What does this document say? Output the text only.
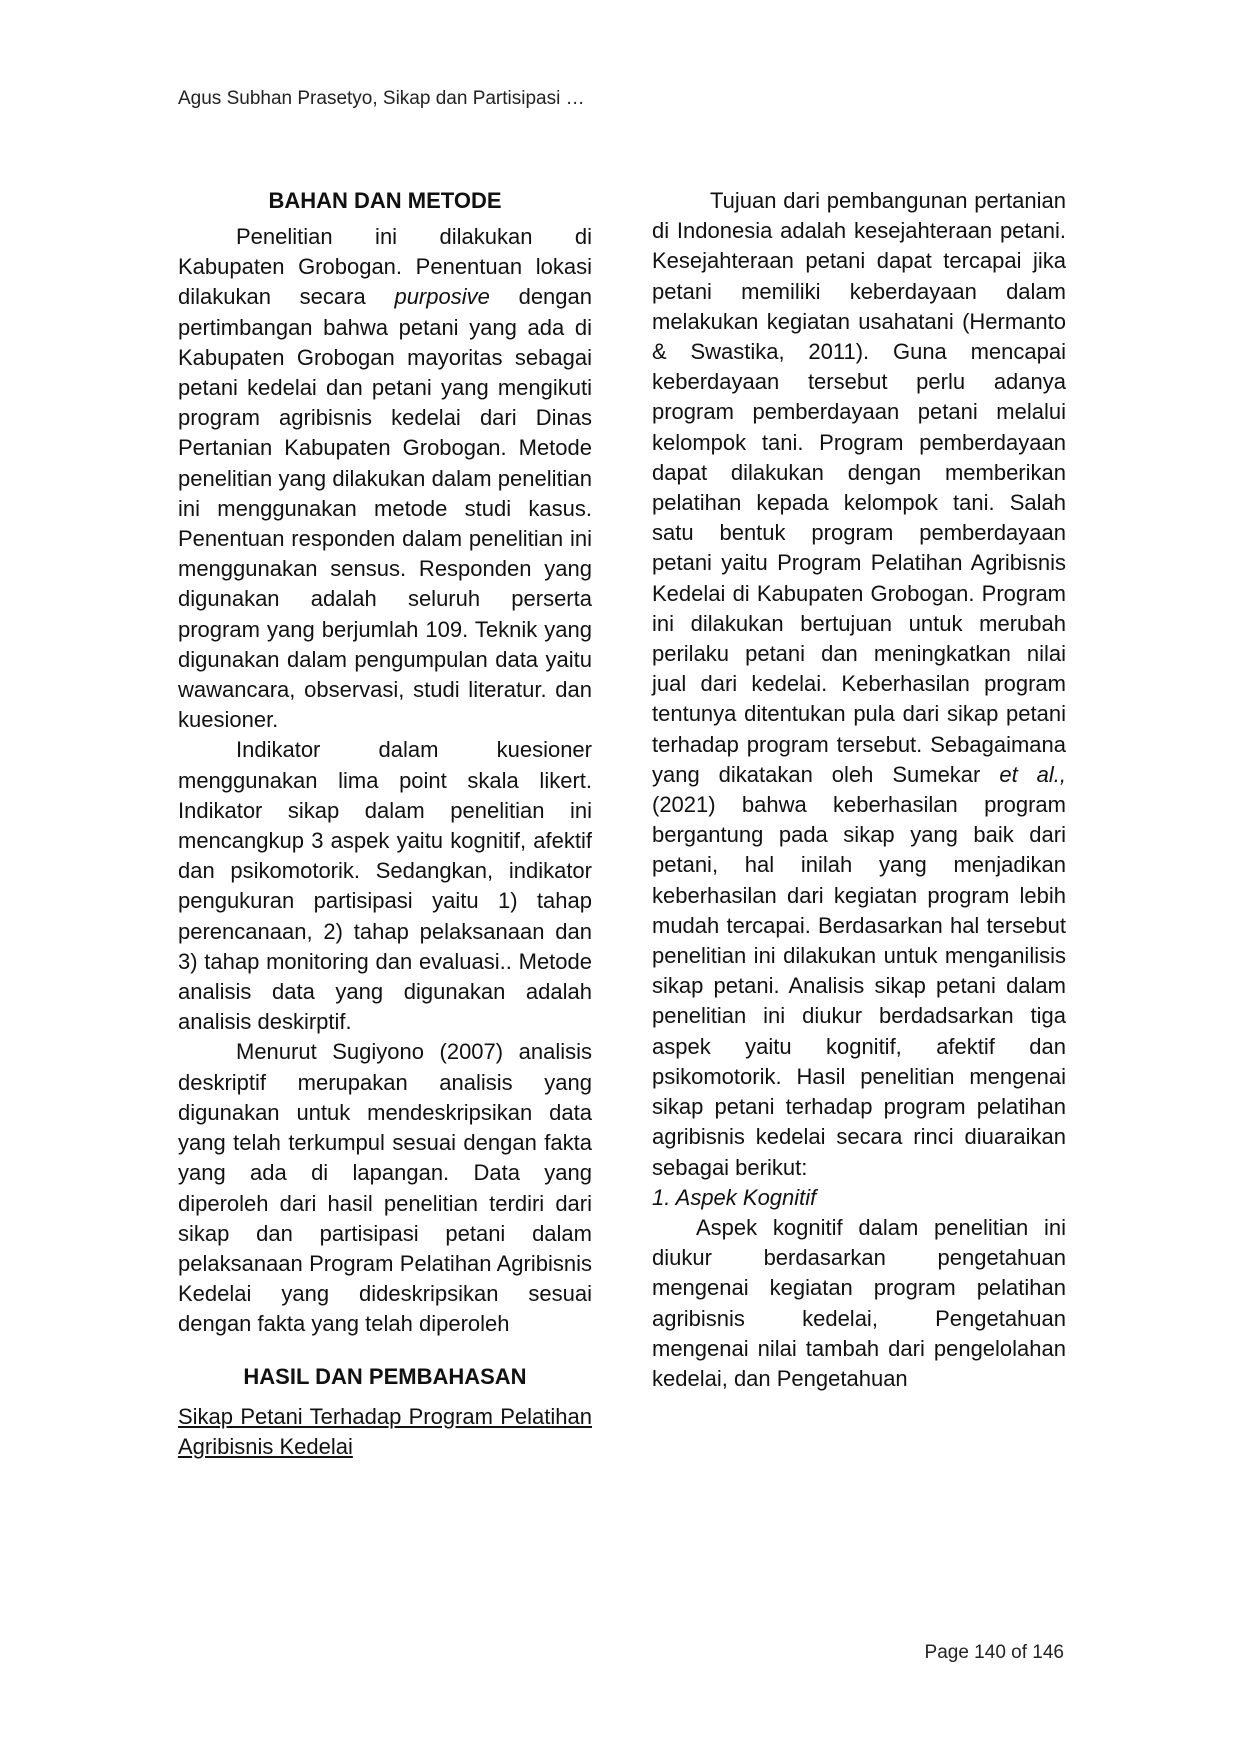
Agus Subhan Prasetyo, Sikap dan Partisipasi …
BAHAN DAN METODE

Penelitian ini dilakukan di Kabupaten Grobogan. Penentuan lokasi dilakukan secara purposive dengan pertimbangan bahwa petani yang ada di Kabupaten Grobogan mayoritas sebagai petani kedelai dan petani yang mengikuti program agribisnis kedelai dari Dinas Pertanian Kabupaten Grobogan. Metode penelitian yang dilakukan dalam penelitian ini menggunakan metode studi kasus. Penentuan responden dalam penelitian ini menggunakan sensus. Responden yang digunakan adalah seluruh perserta program yang berjumlah 109. Teknik yang digunakan dalam pengumpulan data yaitu wawancara, observasi, studi literatur. dan kuesioner.

Indikator dalam kuesioner menggunakan lima point skala likert. Indikator sikap dalam penelitian ini mencangkup 3 aspek yaitu kognitif, afektif dan psikomotorik. Sedangkan, indikator pengukuran partisipasi yaitu 1) tahap perencanaan, 2) tahap pelaksanaan dan 3) tahap monitoring dan evaluasi.. Metode analisis data yang digunakan adalah analisis deskirptif.

Menurut Sugiyono (2007) analisis deskriptif merupakan analisis yang digunakan untuk mendeskripsikan data yang telah terkumpul sesuai dengan fakta yang ada di lapangan. Data yang diperoleh dari hasil penelitian terdiri dari sikap dan partisipasi petani dalam pelaksanaan Program Pelatihan Agribisnis Kedelai yang dideskripsikan sesuai dengan fakta yang telah diperoleh

HASIL DAN PEMBAHASAN

Sikap Petani Terhadap Program Pelatihan Agribisnis Kedelai

Tujuan dari pembangunan pertanian di Indonesia adalah kesejahteraan petani. Kesejahteraan petani dapat tercapai jika petani memiliki keberdayaan dalam melakukan kegiatan usahatani (Hermanto & Swastika, 2011). Guna mencapai keberdayaan tersebut perlu adanya program pemberdayaan petani melalui kelompok tani. Program pemberdayaan dapat dilakukan dengan memberikan pelatihan kepada kelompok tani. Salah satu bentuk program pemberdayaan petani yaitu Program Pelatihan Agribisnis Kedelai di Kabupaten Grobogan. Program ini dilakukan bertujuan untuk merubah perilaku petani dan meningkatkan nilai jual dari kedelai. Keberhasilan program tentunya ditentukan pula dari sikap petani terhadap program tersebut. Sebagaimana yang dikatakan oleh Sumekar et al., (2021) bahwa keberhasilan program bergantung pada sikap yang baik dari petani, hal inilah yang menjadikan keberhasilan dari kegiatan program lebih mudah tercapai. Berdasarkan hal tersebut penelitian ini dilakukan untuk menganilisis sikap petani. Analisis sikap petani dalam penelitian ini diukur berdadsarkan tiga aspek yaitu kognitif, afektif dan psikomotorik. Hasil penelitian mengenai sikap petani terhadap program pelatihan agribisnis kedelai secara rinci diuaraikan sebagai berikut:

1. Aspek Kognitif

Aspek kognitif dalam penelitian ini diukur berdasarkan pengetahuan mengenai kegiatan program pelatihan agribisnis kedelai, Pengetahuan mengenai nilai tambah dari pengelolahan kedelai, dan Pengetahuan

Page 140 of 146
